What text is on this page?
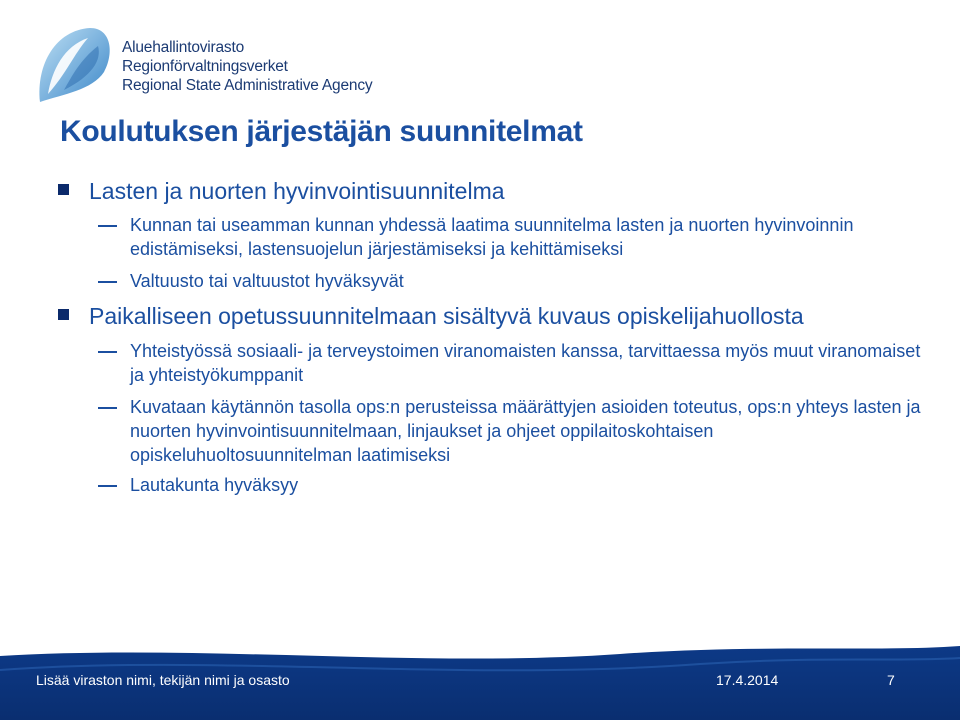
Aluehallintovirasto
Regionförvaltningsverket
Regional State Administrative Agency
Koulutuksen järjestäjän suunnitelmat
Lasten ja nuorten hyvinvointisuunnitelma
Kunnan tai useamman kunnan yhdessä laatima suunnitelma lasten ja nuorten hyvinvoinnin edistämiseksi, lastensuojelun järjestämiseksi ja kehittämiseksi
Valtuusto tai valtuustot hyväksyvät
Paikalliseen opetussuunnitelmaan sisältyvä kuvaus opiskelijahuollosta
Yhteistyössä sosiaali- ja terveystoimen viranomaisten kanssa, tarvittaessa myös muut viranomaiset ja yhteistyökumppanit
Kuvataan käytännön tasolla ops:n perusteissa määrättyjen asioiden toteutus, ops:n yhteys lasten ja nuorten hyvinvointisuunnitelmaan, linjaukset ja ohjeet oppilaitoskohtaisen opiskeluhuoltosuunnitelman laatimiseksi
Lautakunta hyväksyy
Lisää viraston nimi, tekijän nimi ja osasto	17.4.2014	7
